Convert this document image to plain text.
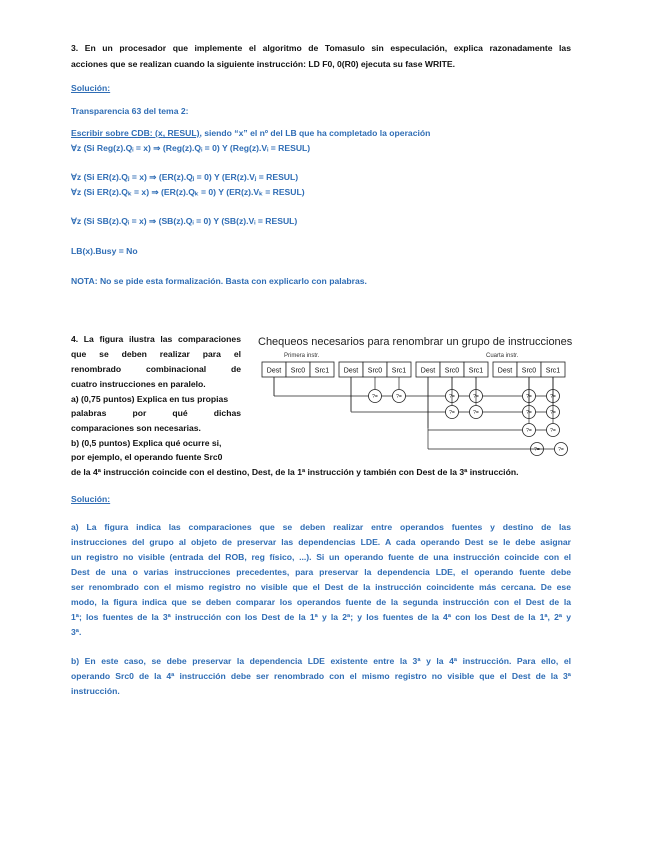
3. En un procesador que implemente el algoritmo de Tomasulo sin especulación, explica razonadamente las
acciones que se realizan cuando la siguiente instrucción: LD F0, 0(R0) ejecuta su fase WRITE.
Solución:
Transparencia 63 del tema 2:
Escribir sobre CDB: (x, RESUL), siendo “x” el nº del LB que ha completado la operación
∀z (Si Reg(z).Qᵢ = x) ⇒ (Reg(z).Qᵢ = 0) Y (Reg(z).Vᵢ = RESUL)
∀z (Si ER(z).Qⱼ = x) ⇒ (ER(z).Qⱼ = 0) Y (ER(z).Vⱼ = RESUL)
∀z (Si ER(z).Qₖ = x) ⇒ (ER(z).Qₖ = 0) Y (ER(z).Vₖ = RESUL)
∀z (Si SB(z).Qᵢ = x) ⇒ (SB(z).Qᵢ = 0) Y (SB(z).Vᵢ = RESUL)
LB(x).Busy = No
NOTA: No se pide esta formalización. Basta con explicarlo con palabras.
4. La figura ilustra las comparaciones
que se deben realizar para el
renombrado combinacional de
cuatro instrucciones en paralelo.
a) (0,75 puntos) Explica en tus propias
palabras por qué dichas
comparaciones son necesarias.
b) (0,5 puntos) Explica qué ocurre si,
por ejemplo, el operando fuente Src0
de la 4ª instrucción coincide con el destino, Dest, de la 1ª instrucción y también con Dest de la 3ª instrucción.
Chequeos necesarios para renombrar un grupo de instrucciones
Primera instr.	Cuarta instr.
Dest Src0 Src1 Dest Src0 Src1 Dest Src0 Src1 Dest Src0 Src1
?=	?=	?=	?=	?=	?=
?=	?=	?=	?=
?=	?=
?=	?=
Solución:
a) La figura indica las comparaciones que se deben realizar entre operandos fuentes y destino de las
instrucciones del grupo al objeto de preservar las dependencias LDE. A cada operando Dest se le debe asignar
un registro no visible (entrada del ROB, reg físico, ...). Si un operando fuente de una instrucción coincide con el
Dest de una o varias instrucciones precedentes, para preservar la dependencia LDE, el operando fuente debe
ser renombrado con el mismo registro no visible que el Dest de la instrucción coincidente más cercana. De ese
modo, la figura indica que se deben comparar los operandos fuente de la segunda instrucción con el Dest de la
1ª; los fuentes de la 3ª instrucción con los Dest de la 1ª y la 2ª; y los fuentes de la 4ª con los Dest de la 1ª, 2ª y
3ª.
b) En este caso, se debe preservar la dependencia LDE existente entre la 3ª y la 4ª instrucción. Para ello, el
operando Src0 de la 4ª instrucción debe ser renombrado con el mismo registro no visible que el Dest de la 3ª
instrucción.
